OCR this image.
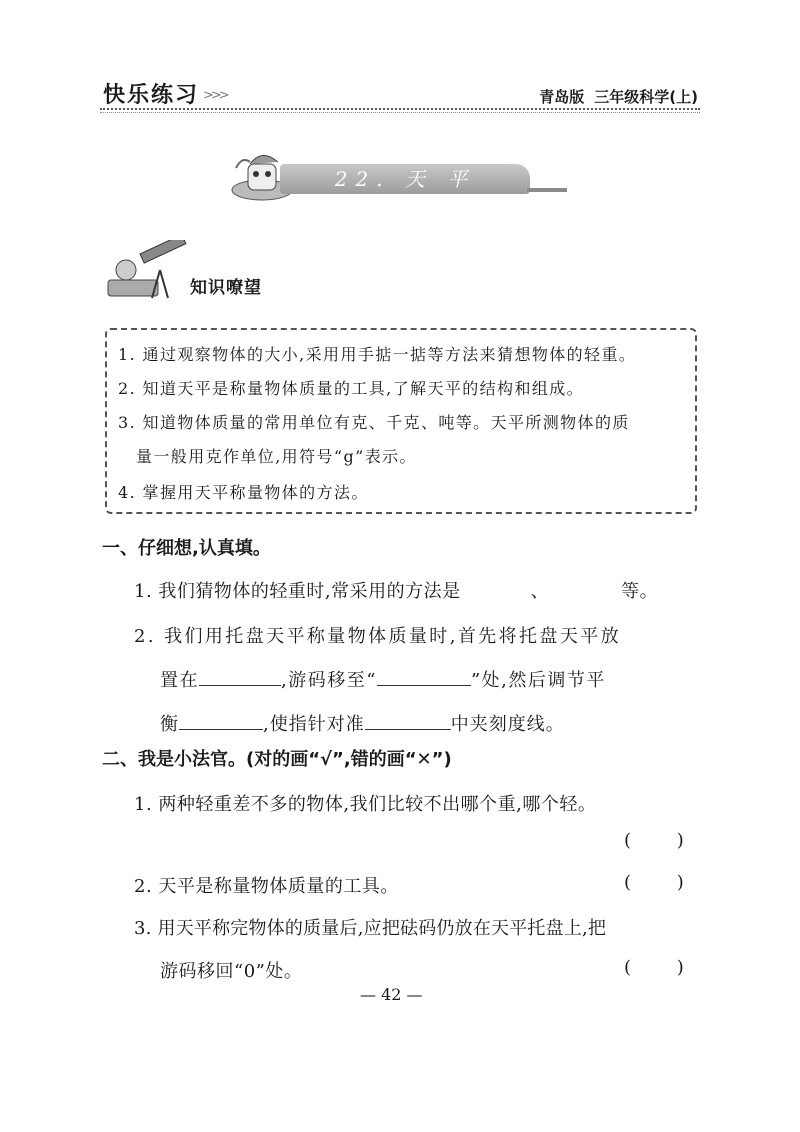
快乐练习 >>>	青岛版 三年级科学(上)
22. 天 平
知识嘹望
1. 通过观察物体的大小,采用用手掂一掂等方法来猜想物体的轻重。
2. 知道天平是称量物体质量的工具,了解天平的结构和组成。
3. 知道物体质量的常用单位有克、千克、吨等。天平所测物体的质
量一般用克作单位,用符号“g”表示。
4. 掌握用天平称量物体的方法。
一、仔细想,认真填。
1. 我们猜物体的轻重时,常采用的方法是	、	等。
2. 我们用托盘天平称量物体质量时,首先将托盘天平放
置在	,游码移至“	”处,然后调节平
衡	,使指针对准	中夹刻度线。
二、我是小法官。(对的画“√”,错的画“✕”)
1. 两种轻重差不多的物体,我们比较不出哪个重,哪个轻。
(        )
2. 天平是称量物体质量的工具。	(        )
3. 用天平称完物体的质量后,应把砝码仍放在天平托盘上,把
游码移回“0”处。	(        )
— 42 —
